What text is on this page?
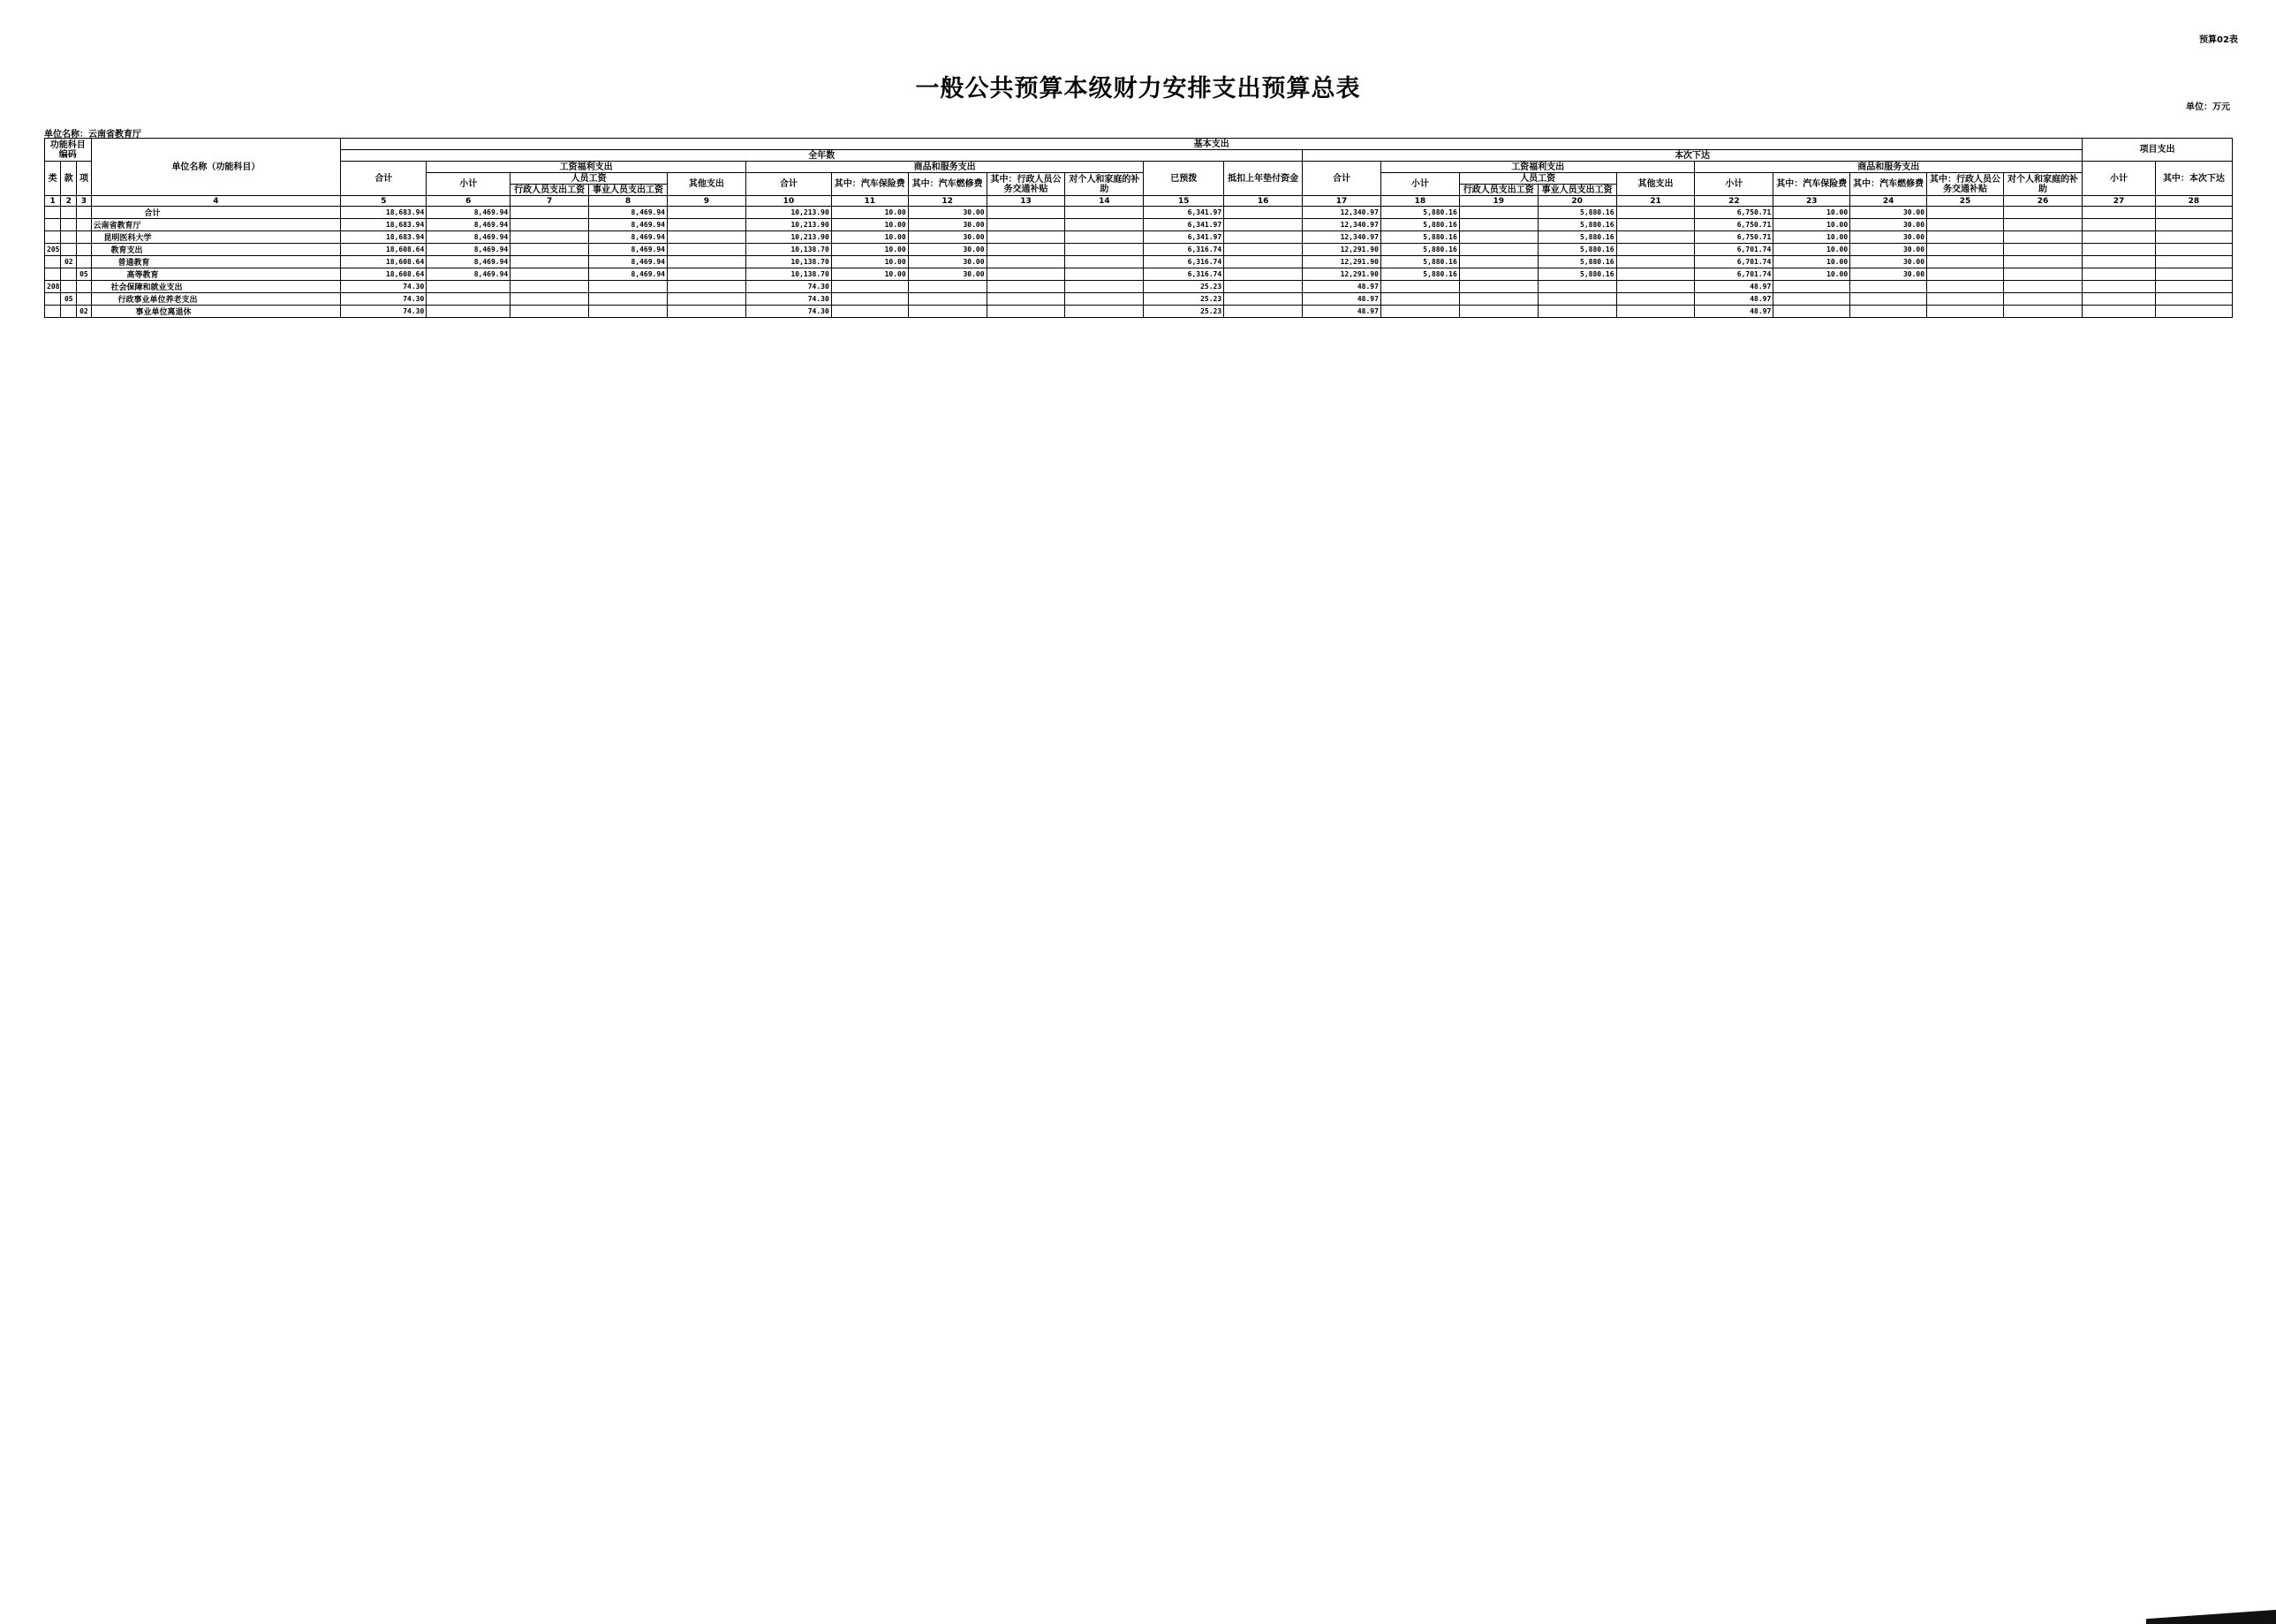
预算02表
一般公共预算本级财力安排支出预算总表
单位：万元
单位名称：云南省教育厅
功能科目编码			单位名称（功能科目）	基本支出																						项目支出	
				全年数												本次下达											
类	款	项		合计	工资福利支出				商品和服务支出					已预拨	抵扣上年垫付资金	合计	工资福利支出				商品和服务支出					小计	其中：本次下达
					小计	人员工资		其他支出	合计	其中：汽车保险费	其中：汽车燃修费	其中：行政人员公务交通补贴	对个人和家庭的补助				小计	人员工资		其他支出	小计	其中：汽车保险费	其中：汽车燃修费	其中：行政人员公务交通补贴	对个人和家庭的补助		
						行政人员支出工资	事业人员支出工资											行政人员支出工资	事业人员支出工资								

1	2	3	4	5	6	7	8	9	10	11	12	13	14	15	16	17	18	19	20	21	22	23	24	25	26	27	28
			合计	18,683.94	8,469.94		8,469.94		10,213.90	10.00	30.00			6,341.97		12,340.97	5,880.16		5,880.16		6,750.71	10.00	30.00				
			云南省教育厅	18,683.94	8,469.94		8,469.94		10,213.90	10.00	30.00			6,341.97		12,340.97	5,880.16		5,880.16		6,750.71	10.00	30.00				
			昆明医科大学	18,683.94	8,469.94		8,469.94		10,213.90	10.00	30.00			6,341.97		12,340.97	5,880.16		5,880.16		6,750.71	10.00	30.00				
205			教育支出	18,608.64	8,469.94		8,469.94		10,138.70	10.00	30.00			6,316.74		12,291.90	5,880.16		5,880.16		6,701.74	10.00	30.00				
	02		普通教育	18,608.64	8,469.94		8,469.94		10,138.70	10.00	30.00			6,316.74		12,291.90	5,880.16		5,880.16		6,701.74	10.00	30.00				
		05	高等教育	18,608.64	8,469.94		8,469.94		10,138.70	10.00	30.00			6,316.74		12,291.90	5,880.16		5,880.16		6,701.74	10.00	30.00				
208			社会保障和就业支出	74.30					74.30					25.23		48.97					48.97						
	05		行政事业单位养老支出	74.30					74.30					25.23		48.97					48.97						
		02	事业单位离退休	74.30					74.30					25.23		48.97					48.97						
